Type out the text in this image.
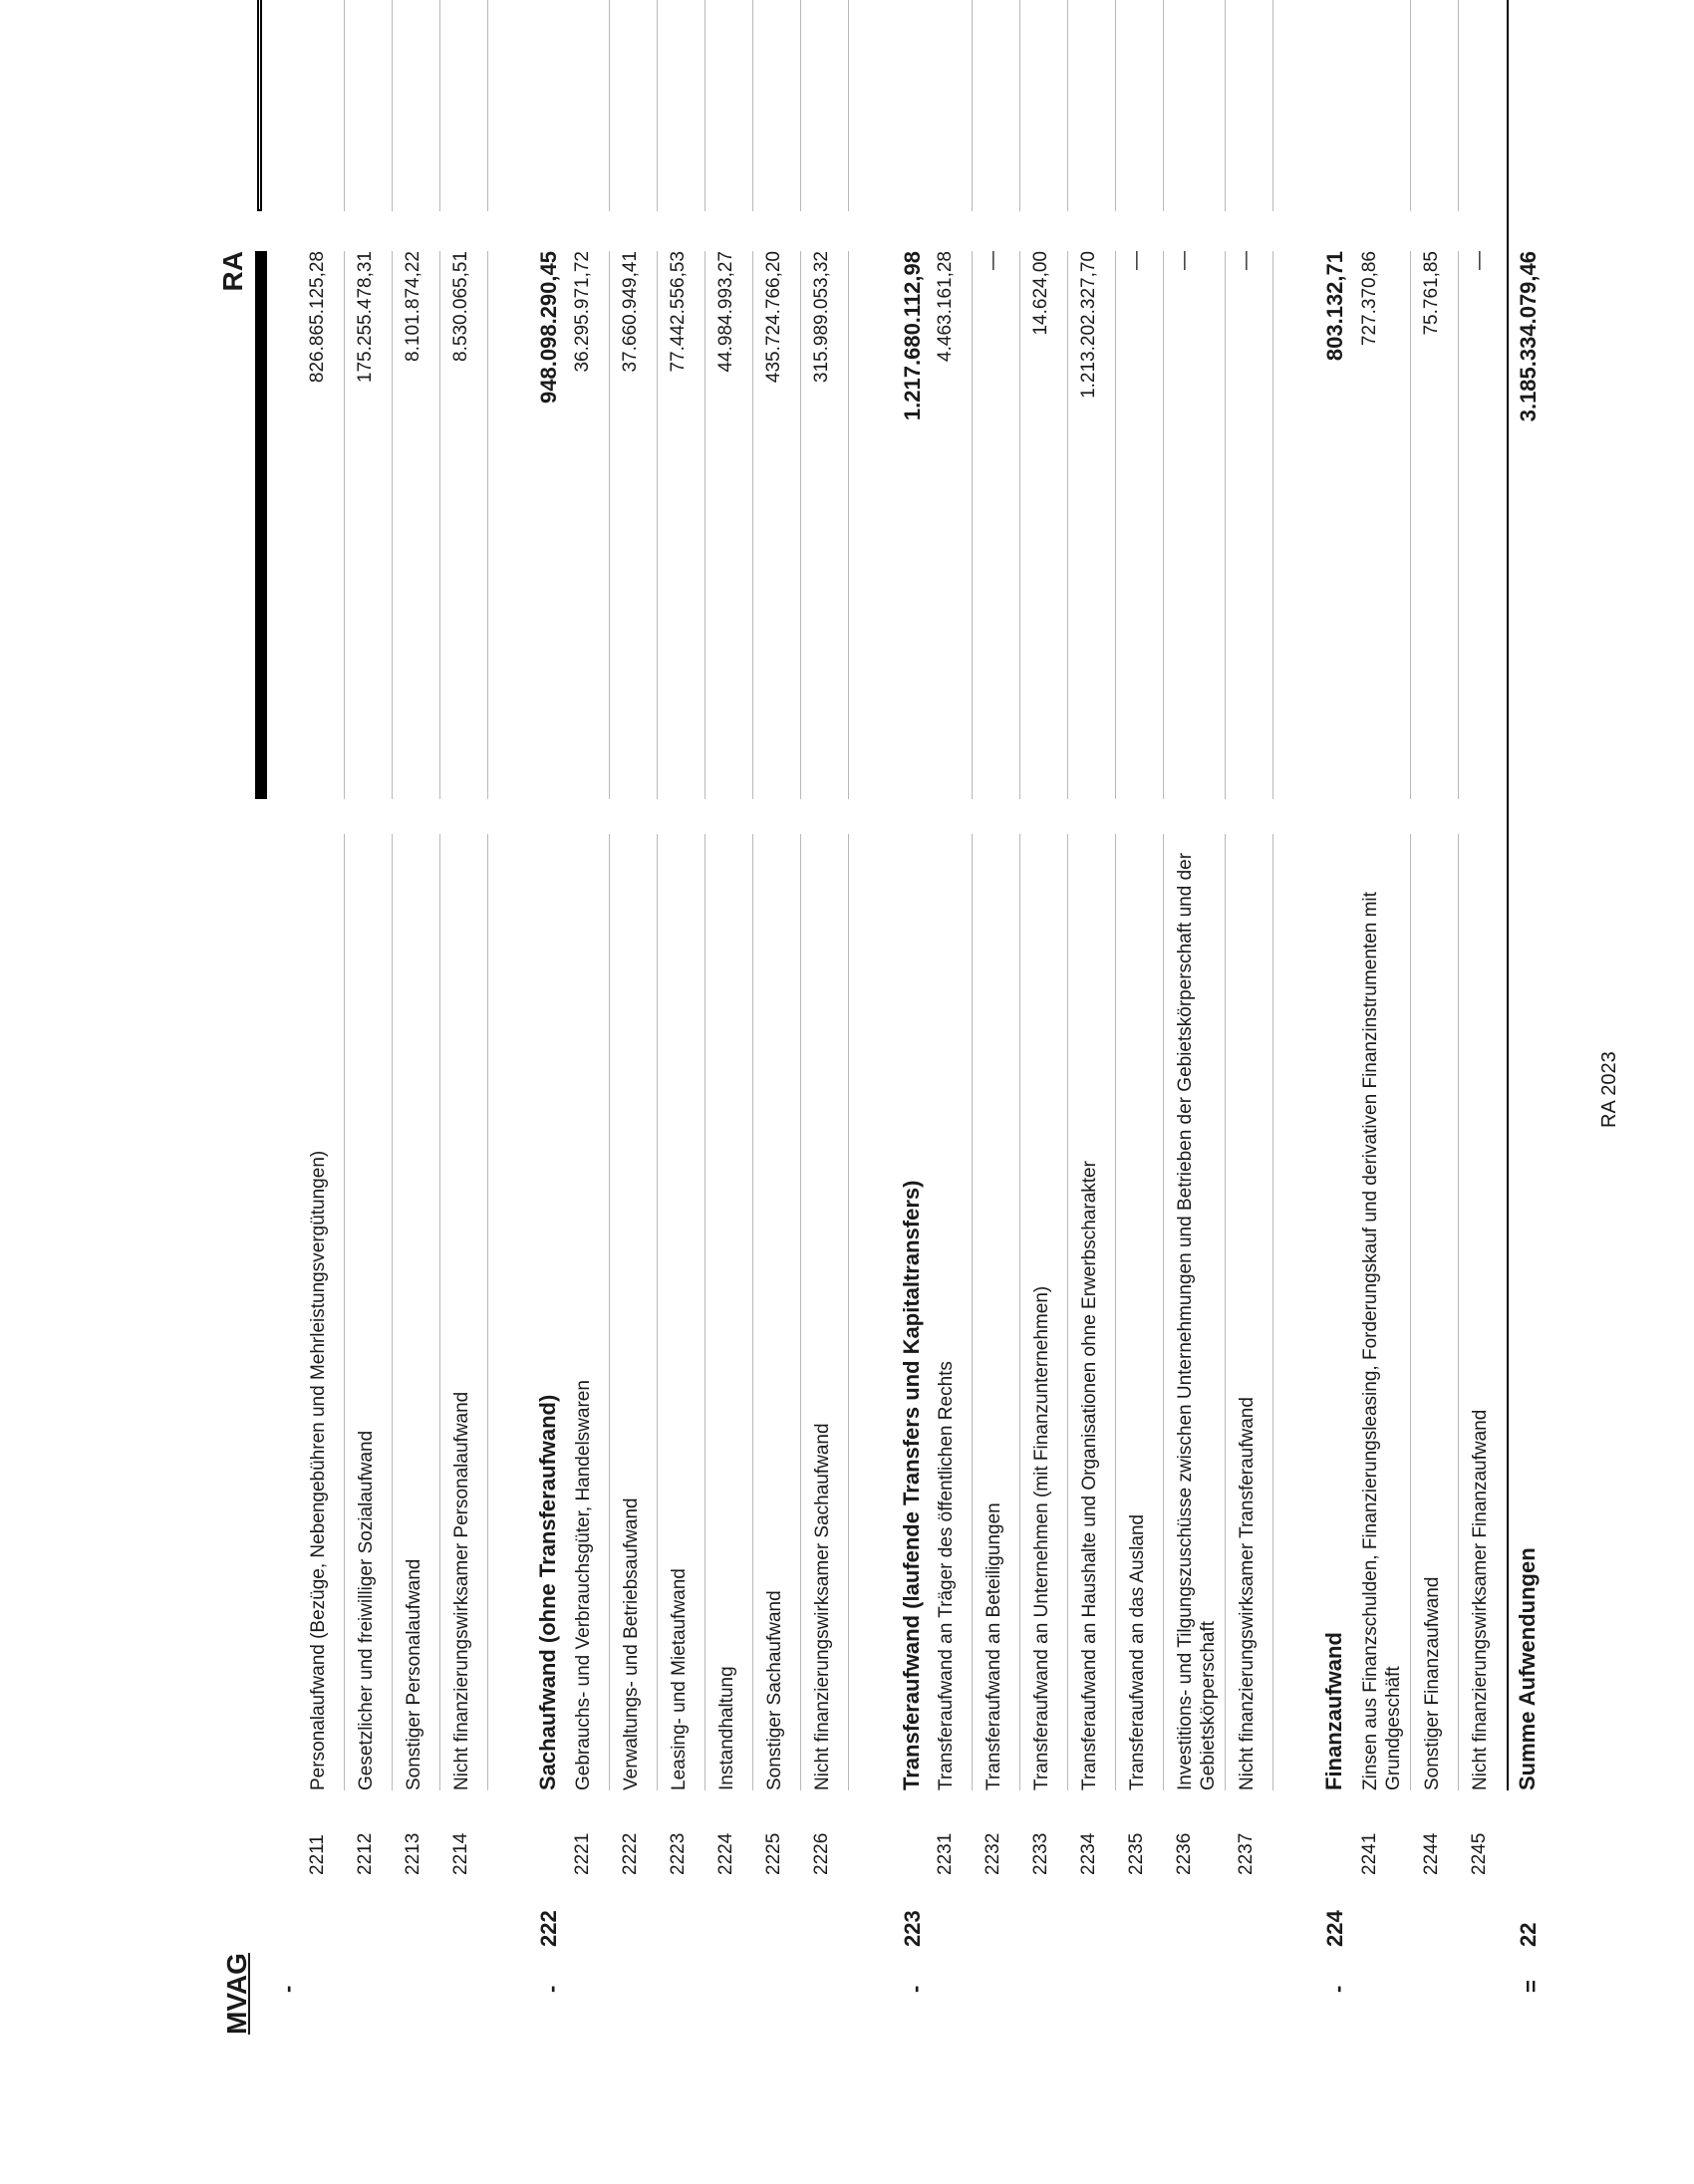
MVAG
RA
-
2211
Personalaufwand (Bezüge, Nebengebühren und Mehrleistungsvergütungen)
826.865.125,28
2212
Gesetzlicher und freiwilliger Sozialaufwand
175.255.478,31
2213
Sonstiger Personalaufwand
8.101.874,22
2214
Nicht finanzierungswirksamer Personalaufwand
8.530.065,51
-
222
Sachaufwand (ohne Transferaufwand)
948.098.290,45
2221
Gebrauchs- und Verbrauchsgüter, Handelswaren
36.295.971,72
2222
Verwaltungs- und Betriebsaufwand
37.660.949,41
2223
Leasing- und Mietaufwand
77.442.556,53
2224
Instandhaltung
44.984.993,27
2225
Sonstiger Sachaufwand
435.724.766,20
2226
Nicht finanzierungswirksamer Sachaufwand
315.989.053,32
-
223
Transferaufwand (laufende Transfers und Kapitaltransfers)
1.217.680.112,98
2231
Transferaufwand an Träger des öffentlichen Rechts
4.463.161,28
2232
Transferaufwand an Beteiligungen
—
2233
Transferaufwand an Unternehmen (mit Finanzunternehmen)
14.624,00
2234
Transferaufwand an Haushalte und Organisationen ohne Erwerbscharakter
1.213.202.327,70
2235
Transferaufwand an das Ausland
—
2236
Investitions- und Tilgungszuschüsse zwischen Unternehmungen und Betrieben der Gebietskörperschaft und der Gebietskörperschaft
—
2237
Nicht finanzierungswirksamer Transferaufwand
—
-
224
Finanzaufwand
803.132,71
2241
Zinsen aus Finanzschulden, Finanzierungsleasing, Forderungskauf und derivativen Finanzinstrumenten mit Grundgeschäft
727.370,86
2244
Sonstiger Finanzaufwand
75.761,85
2245
Nicht finanzierungswirksamer Finanzaufwand
—
=
22
Summe Aufwendungen
3.185.334.079,46
RA 2023
